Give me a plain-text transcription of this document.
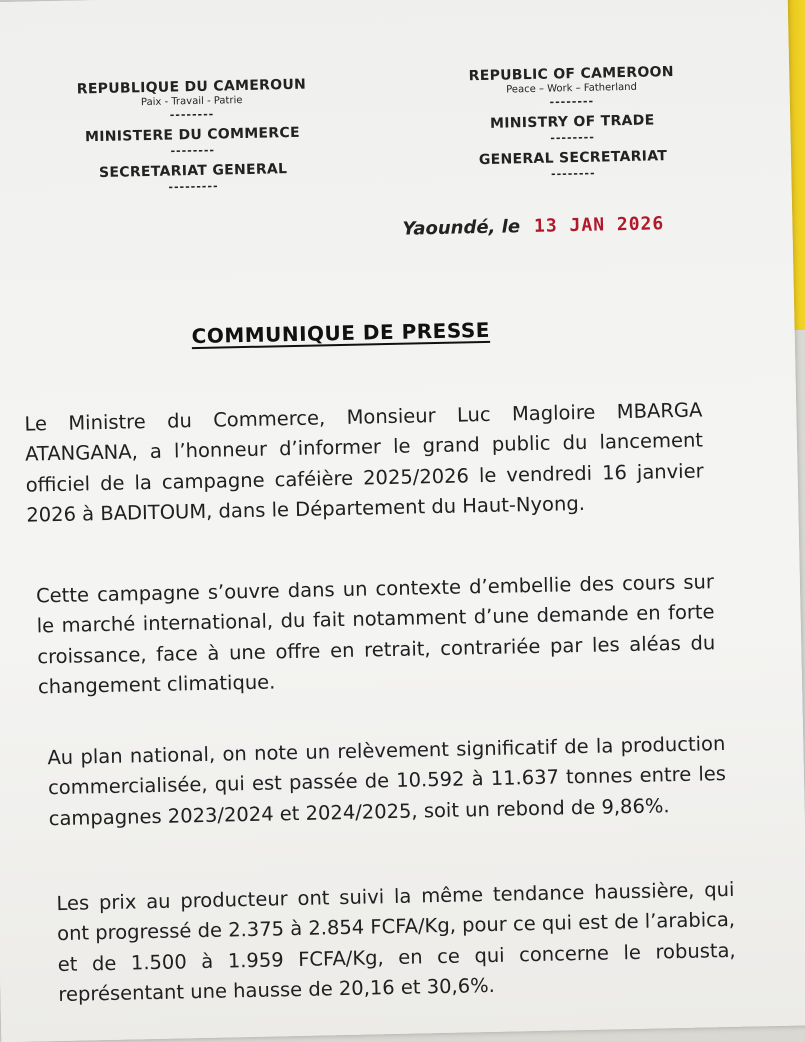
REPUBLIQUE DU CAMEROUN
Paix - Travail - Patrie
--------
MINISTERE DU COMMERCE
--------
SECRETARIAT GENERAL
---------
REPUBLIC OF CAMEROON
Peace – Work – Fatherland
--------
MINISTRY OF TRADE
--------
GENERAL SECRETARIAT
--------
Yaoundé, le 13 JAN 2026
COMMUNIQUE DE PRESSE

Le Ministre du Commerce, Monsieur Luc Magloire MBARGA ATANGANA, a l’honneur d’informer le grand public du lancement officiel de la campagne caféière 2025/2026 le vendredi 16 janvier 2026 à BADITOUM, dans le Département du Haut-Nyong.

Cette campagne s’ouvre dans un contexte d’embellie des cours sur le marché international, du fait notamment d’une demande en forte croissance, face à une offre en retrait, contrariée par les aléas du changement climatique.

Au plan national, on note un relèvement significatif de la production commercialisée, qui est passée de 10.592 à 11.637 tonnes entre les campagnes 2023/2024 et 2024/2025, soit un rebond de 9,86%.

Les prix au producteur ont suivi la même tendance haussière, qui ont progressé de 2.375 à 2.854 FCFA/Kg, pour ce qui est de l’arabica, et de 1.500 à 1.959 FCFA/Kg, en ce qui concerne le robusta, représentant une hausse de 20,16 et 30,6%.
